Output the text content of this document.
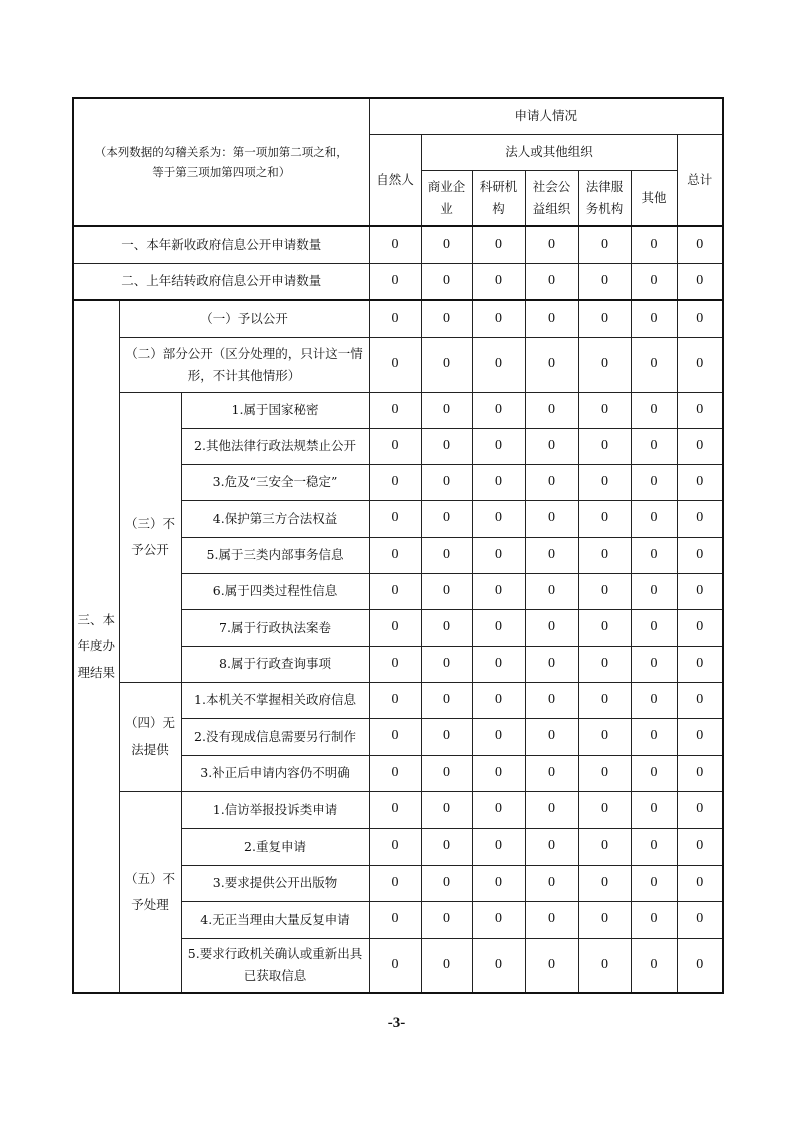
（本列数据的勾稽关系为：第一项加第二项之和，
等于第三项加第四项之和）			申请人情况						
			自然人	法人或其他组织					总计
				商业企业	科研机构	社会公益组织	法律服务机构	其他	
一、本年新收政府信息公开申请数量			0	0	0	0	0	0	0
二、上年结转政府信息公开申请数量			0	0	0	0	0	0	0
三、本年度办理结果	（一）予以公开		0	0	0	0	0	0	0
	（二）部分公开（区分处理的，只计这一情形，不计其他情形）		0	0	0	0	0	0	0
	（三）不予公开	1.属于国家秘密	0	0	0	0	0	0	0
		2.其他法律行政法规禁止公开	0	0	0	0	0	0	0
		3.危及“三安全一稳定”	0	0	0	0	0	0	0
		4.保护第三方合法权益	0	0	0	0	0	0	0
		5.属于三类内部事务信息	0	0	0	0	0	0	0
		6.属于四类过程性信息	0	0	0	0	0	0	0
		7.属于行政执法案卷	0	0	0	0	0	0	0
		8.属于行政查询事项	0	0	0	0	0	0	0
	（四）无法提供	1.本机关不掌握相关政府信息	0	0	0	0	0	0	0
		2.没有现成信息需要另行制作	0	0	0	0	0	0	0
		3.补正后申请内容仍不明确	0	0	0	0	0	0	0
	（五）不予处理	1.信访举报投诉类申请	0	0	0	0	0	0	0
		2.重复申请	0	0	0	0	0	0	0
		3.要求提供公开出版物	0	0	0	0	0	0	0
		4.无正当理由大量反复申请	0	0	0	0	0	0	0
		5.要求行政机关确认或重新出具已获取信息	0	0	0	0	0	0	0
-3-
